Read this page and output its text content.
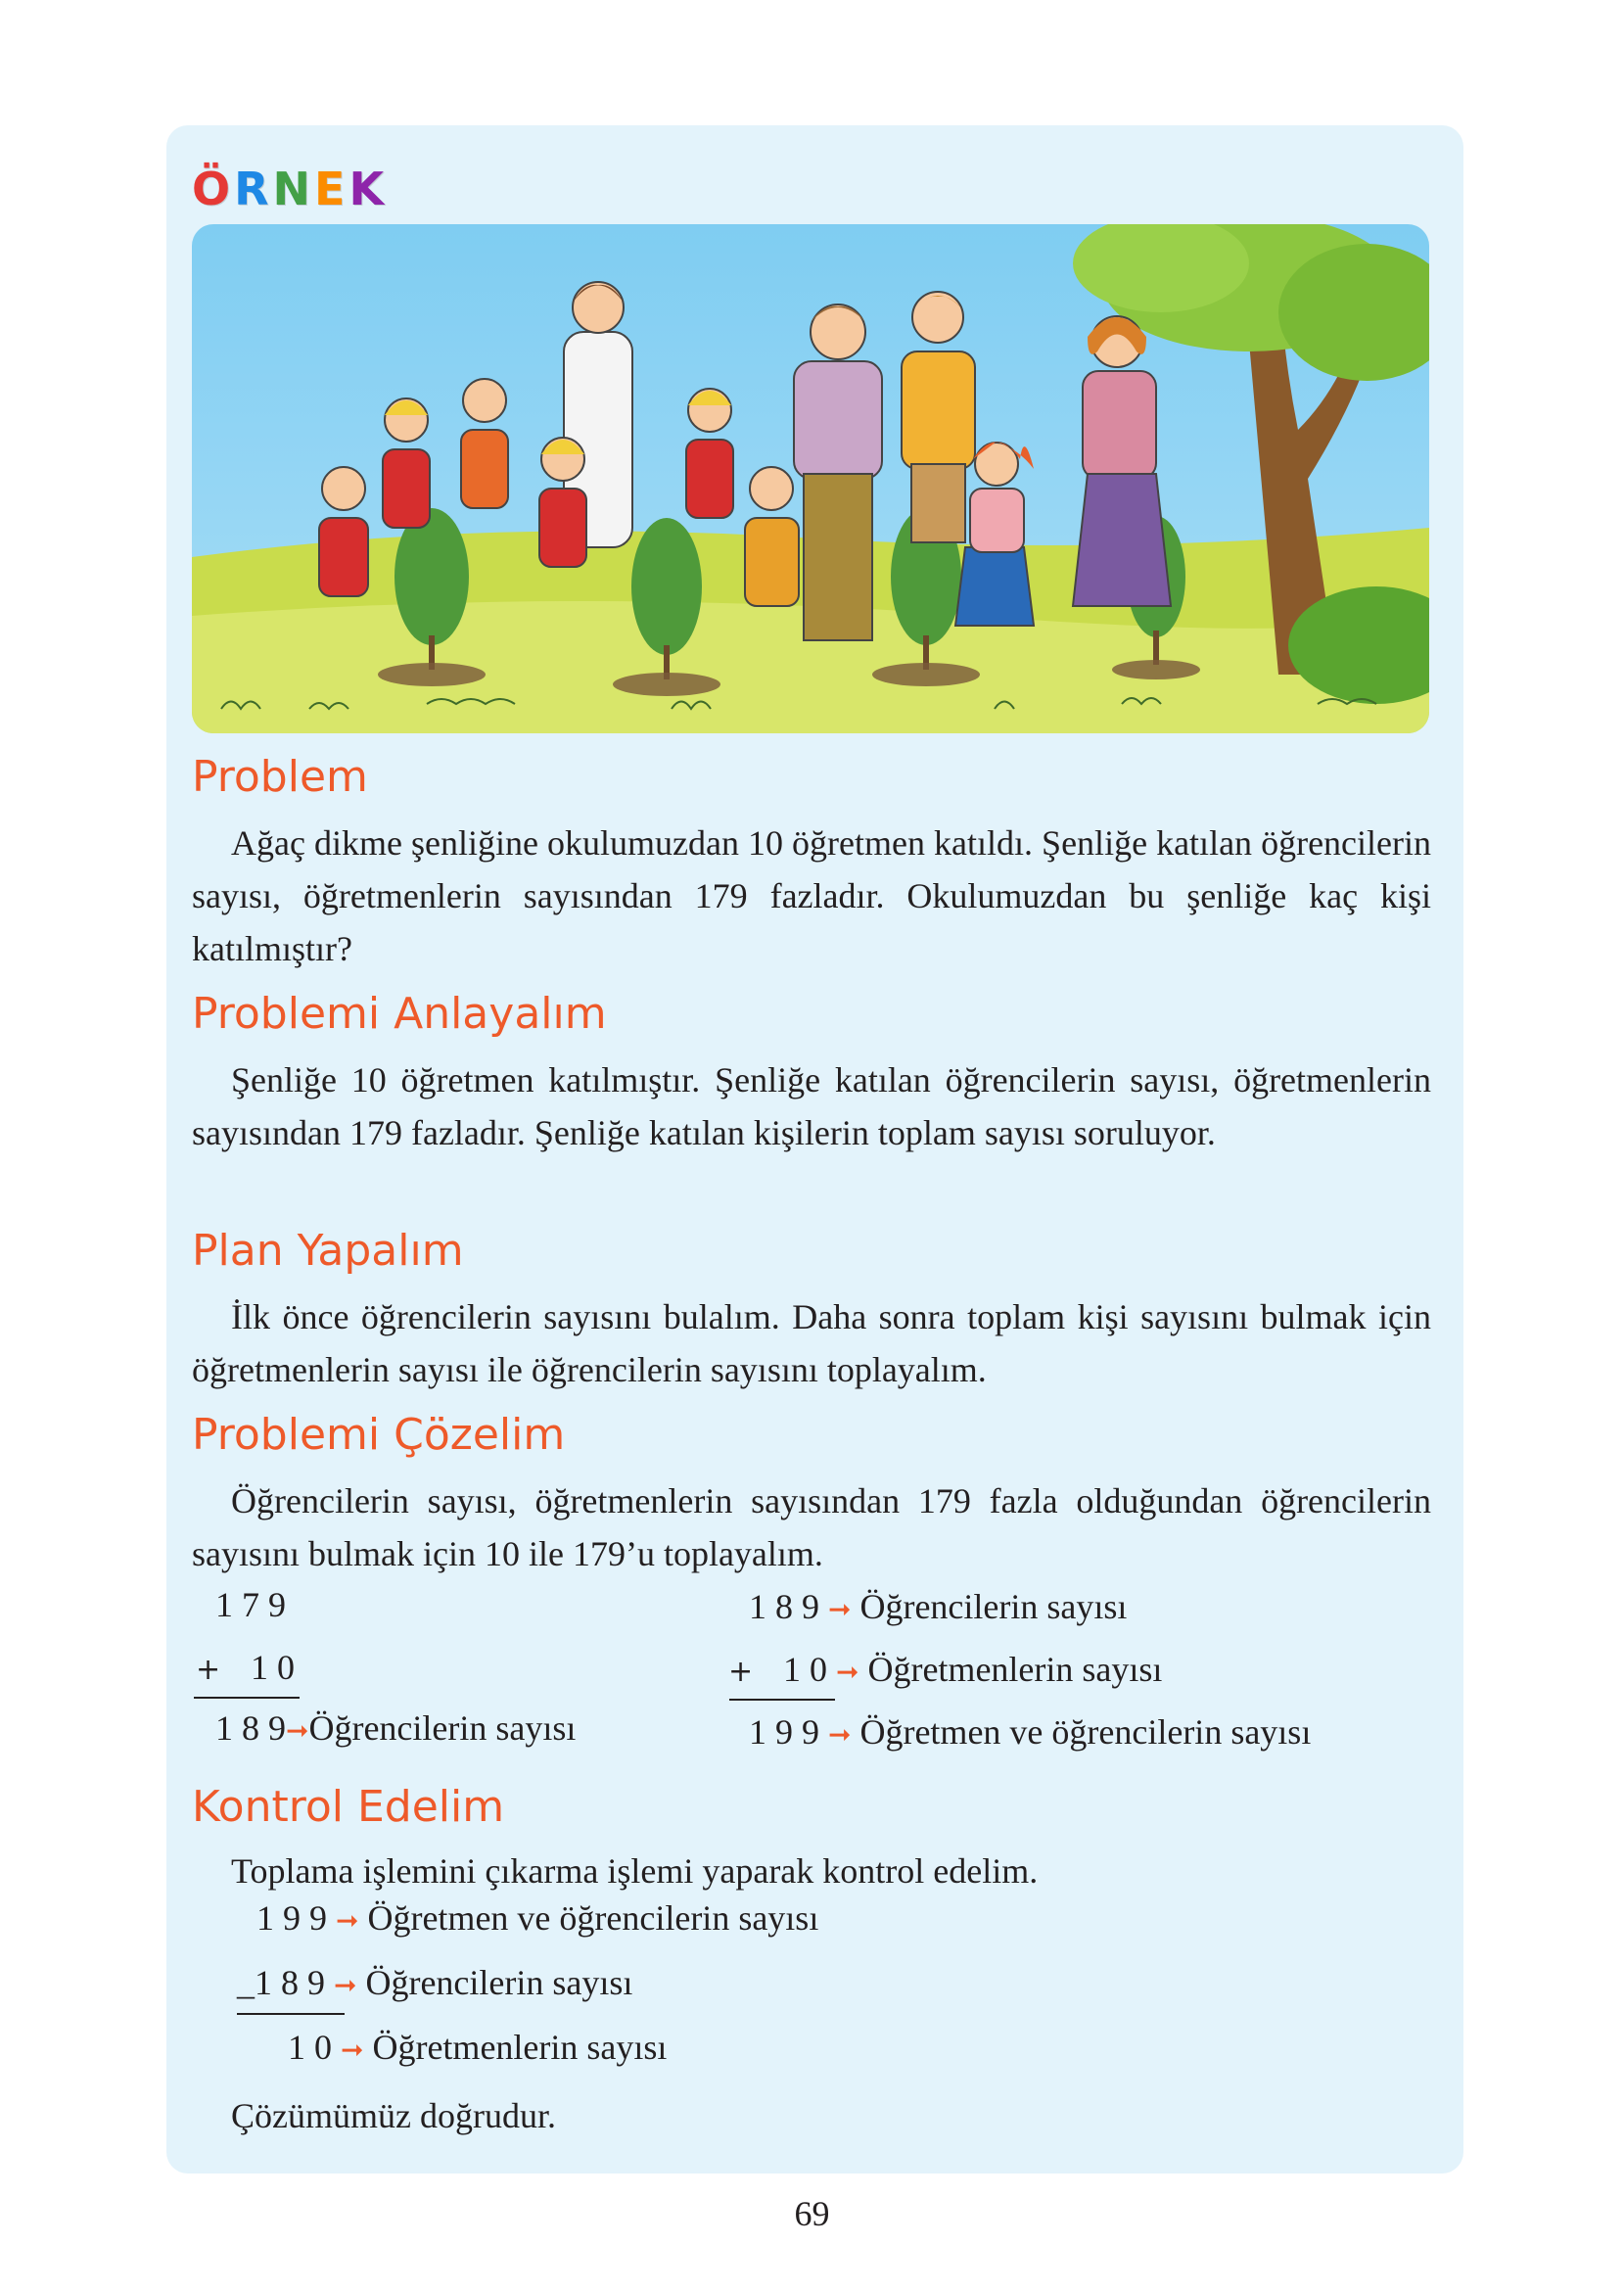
Ö R N E K
Problem

Ağaç dikme şenliğine okulumuzdan 10 öğretmen katıldı. Şenliğe katılan öğrencilerin sayısı, öğretmenlerin sayısından 179 fazladır. Okulumuzdan bu şenliğe kaç kişi katılmıştır?

Problemi Anlayalım

Şenliğe 10 öğretmen katılmıştır. Şenliğe katılan öğrencilerin sayısı, öğretmenlerin sayısından 179 fazladır. Şenliğe katılan kişilerin toplam sayısı soruluyor.

Plan Yapalım

İlk önce öğrencilerin sayısını bulalım. Daha sonra toplam kişi sayısını bulmak için öğretmenlerin sayısı ile öğrencilerin sayısını toplayalım.

Problemi Çözelim

Öğrencilerin sayısı, öğretmenlerin sayısından 179 fazla olduğundan öğrencilerin sayısını bulmak için 10 ile 179’u toplayalım.

1 7 9
+ 1 0
1 8 9➞Öğrencilerin sayısı
1 8 9 ➞ Öğrencilerin sayısı
+ 1 0 ➞ Öğretmenlerin sayısı
1 9 9 ➞ Öğretmen ve öğrencilerin sayısı
Kontrol Edelim

Toplama işlemini çıkarma işlemi yaparak kontrol edelim.

1 9 9 ➞ Öğretmen ve öğrencilerin sayısı
_1 8 9 ➞ Öğrencilerin sayısı
1 0 ➞ Öğretmenlerin sayısı

Çözümümüz doğrudur.

69
